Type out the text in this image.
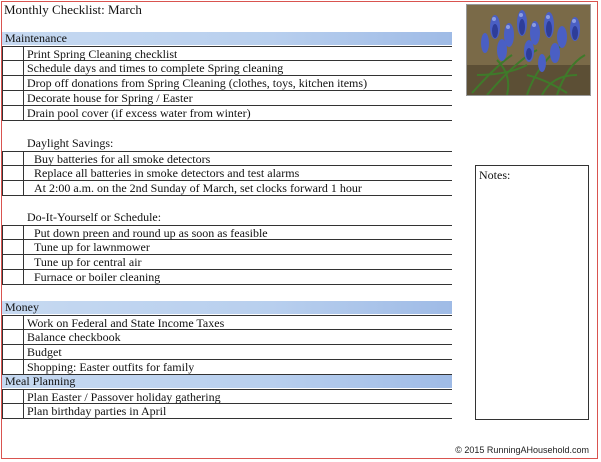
Monthly Checklist: March
Maintenance
Print Spring Cleaning checklist
Schedule days and times to complete Spring cleaning
Drop off donations from Spring Cleaning (clothes, toys, kitchen items)
Decorate house for Spring / Easter
Drain pool cover (if excess water from winter)
Daylight Savings:
Buy batteries for all smoke detectors
Replace all batteries in smoke detectors and test alarms
At 2:00 a.m. on the 2nd Sunday of March, set clocks forward 1 hour
Do-It-Yourself or Schedule:
Put down preen and round up as soon as feasible
Tune up for lawnmower
Tune up for central air
Furnace or boiler cleaning
Money
Work on Federal and State Income Taxes
Balance checkbook
Budget
Shopping: Easter outfits for family
Meal Planning
Plan Easter / Passover holiday gathering
Plan birthday parties in April
Notes:
© 2015 RunningAHousehold.com
